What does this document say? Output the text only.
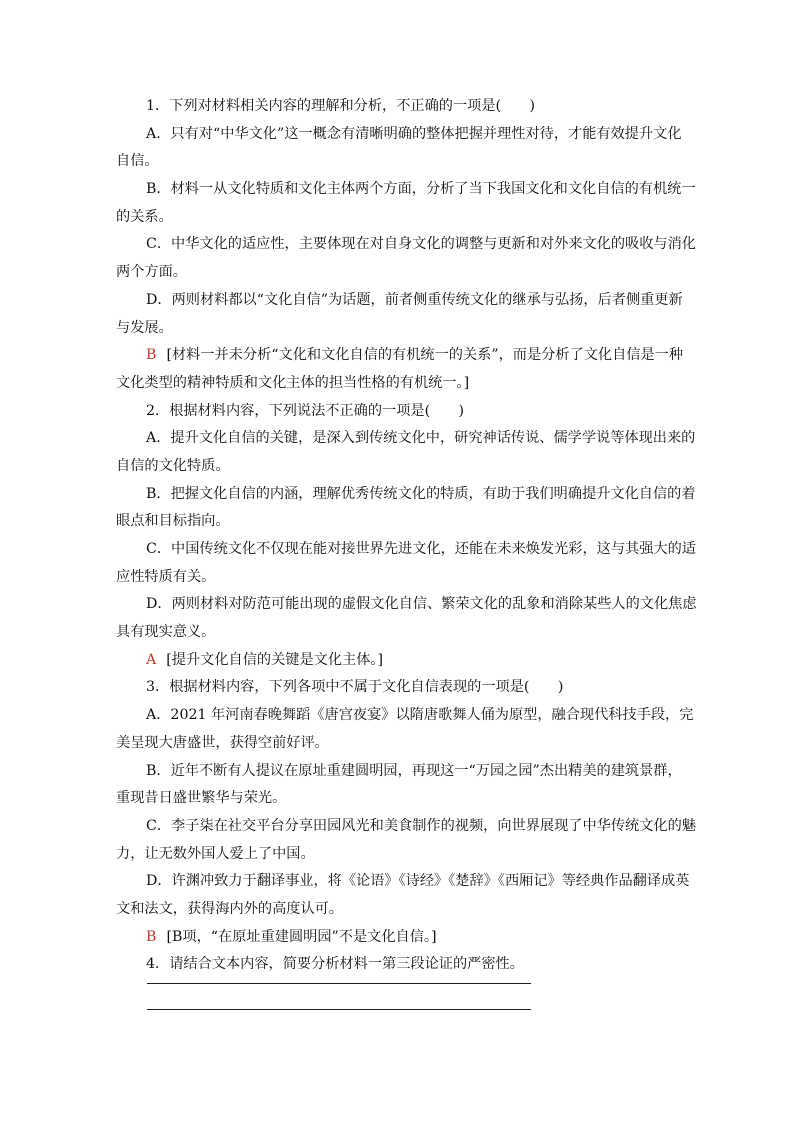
1．下列对材料相关内容的理解和分析，不正确的一项是(　　)
A．只有对“中华文化”这一概念有清晰明确的整体把握并理性对待，才能有效提升文化
自信。
B．材料一从文化特质和文化主体两个方面，分析了当下我国文化和文化自信的有机统一
的关系。
C．中华文化的适应性，主要体现在对自身文化的调整与更新和对外来文化的吸收与消化
两个方面。
D．两则材料都以“文化自信”为话题，前者侧重传统文化的继承与弘扬，后者侧重更新
与发展。
B [材料一并未分析“文化和文化自信的有机统一的关系”，而是分析了文化自信是一种
文化类型的精神特质和文化主体的担当性格的有机统一。]
2．根据材料内容，下列说法不正确的一项是(　　)
A．提升文化自信的关键，是深入到传统文化中，研究神话传说、儒学学说等体现出来的
自信的文化特质。
B．把握文化自信的内涵，理解优秀传统文化的特质，有助于我们明确提升文化自信的着
眼点和目标指向。
C．中国传统文化不仅现在能对接世界先进文化，还能在未来焕发光彩，这与其强大的适
应性特质有关。
D．两则材料对防范可能出现的虚假文化自信、繁荣文化的乱象和消除某些人的文化焦虑
具有现实意义。
A [提升文化自信的关键是文化主体。]
3．根据材料内容，下列各项中不属于文化自信表现的一项是(　　)
A．2021 年河南春晚舞蹈《唐宫夜宴》以隋唐歌舞人俑为原型，融合现代科技手段，完
美呈现大唐盛世，获得空前好评。
B．近年不断有人提议在原址重建圆明园，再现这一“万园之园”杰出精美的建筑景群，
重现昔日盛世繁华与荣光。
C．李子柒在社交平台分享田园风光和美食制作的视频，向世界展现了中华传统文化的魅
力，让无数外国人爱上了中国。
D．许渊冲致力于翻译事业，将《论语》《诗经》《楚辞》《西厢记》等经典作品翻译成英
文和法文，获得海内外的高度认可。
B [B项，“在原址重建圆明园”不是文化自信。]
4．请结合文本内容，简要分析材料一第三段论证的严密性。
